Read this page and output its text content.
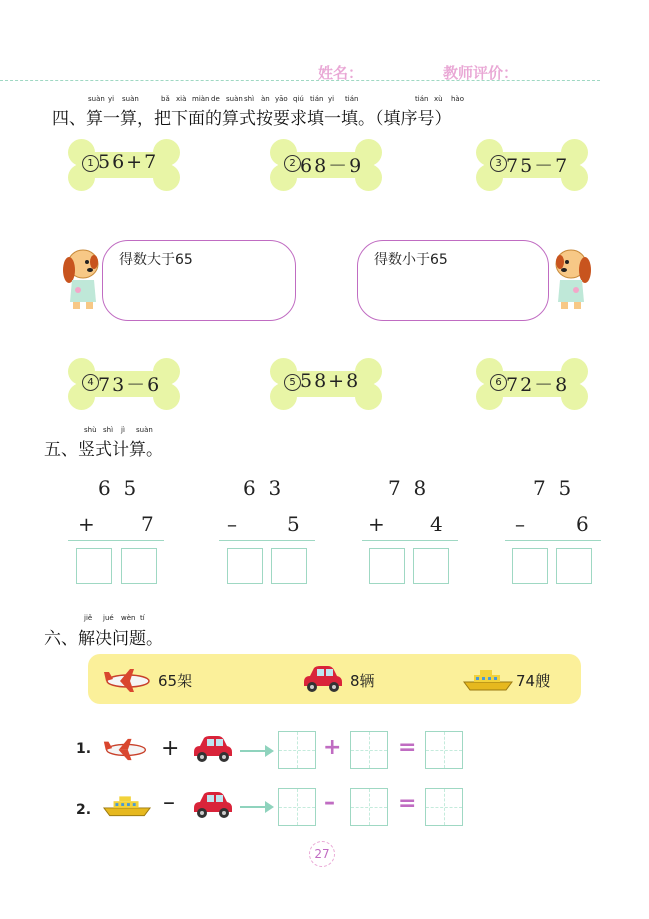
姓名：	教师评价：
suàn yi suàn	bǎ xià miàn de suàn shì àn yāo qiú tián yi tián	tián xù hào
四、算一算，把下面的算式按要求填一填。（填序号）
1 56+7	2 68－9	3 75－7
得数大于65	得数小于65
4 73－6	5 58+8	6 72－8
shù shì jì suàn
五、竖式计算。
6  5
+ 7
6  3
–	5
7  8
+ 4
7  5
–	6
jiě jué wèn tí
六、解决问题。
65架	8辆	74艘
1.	+	+	=
2.	–	–	=
27
